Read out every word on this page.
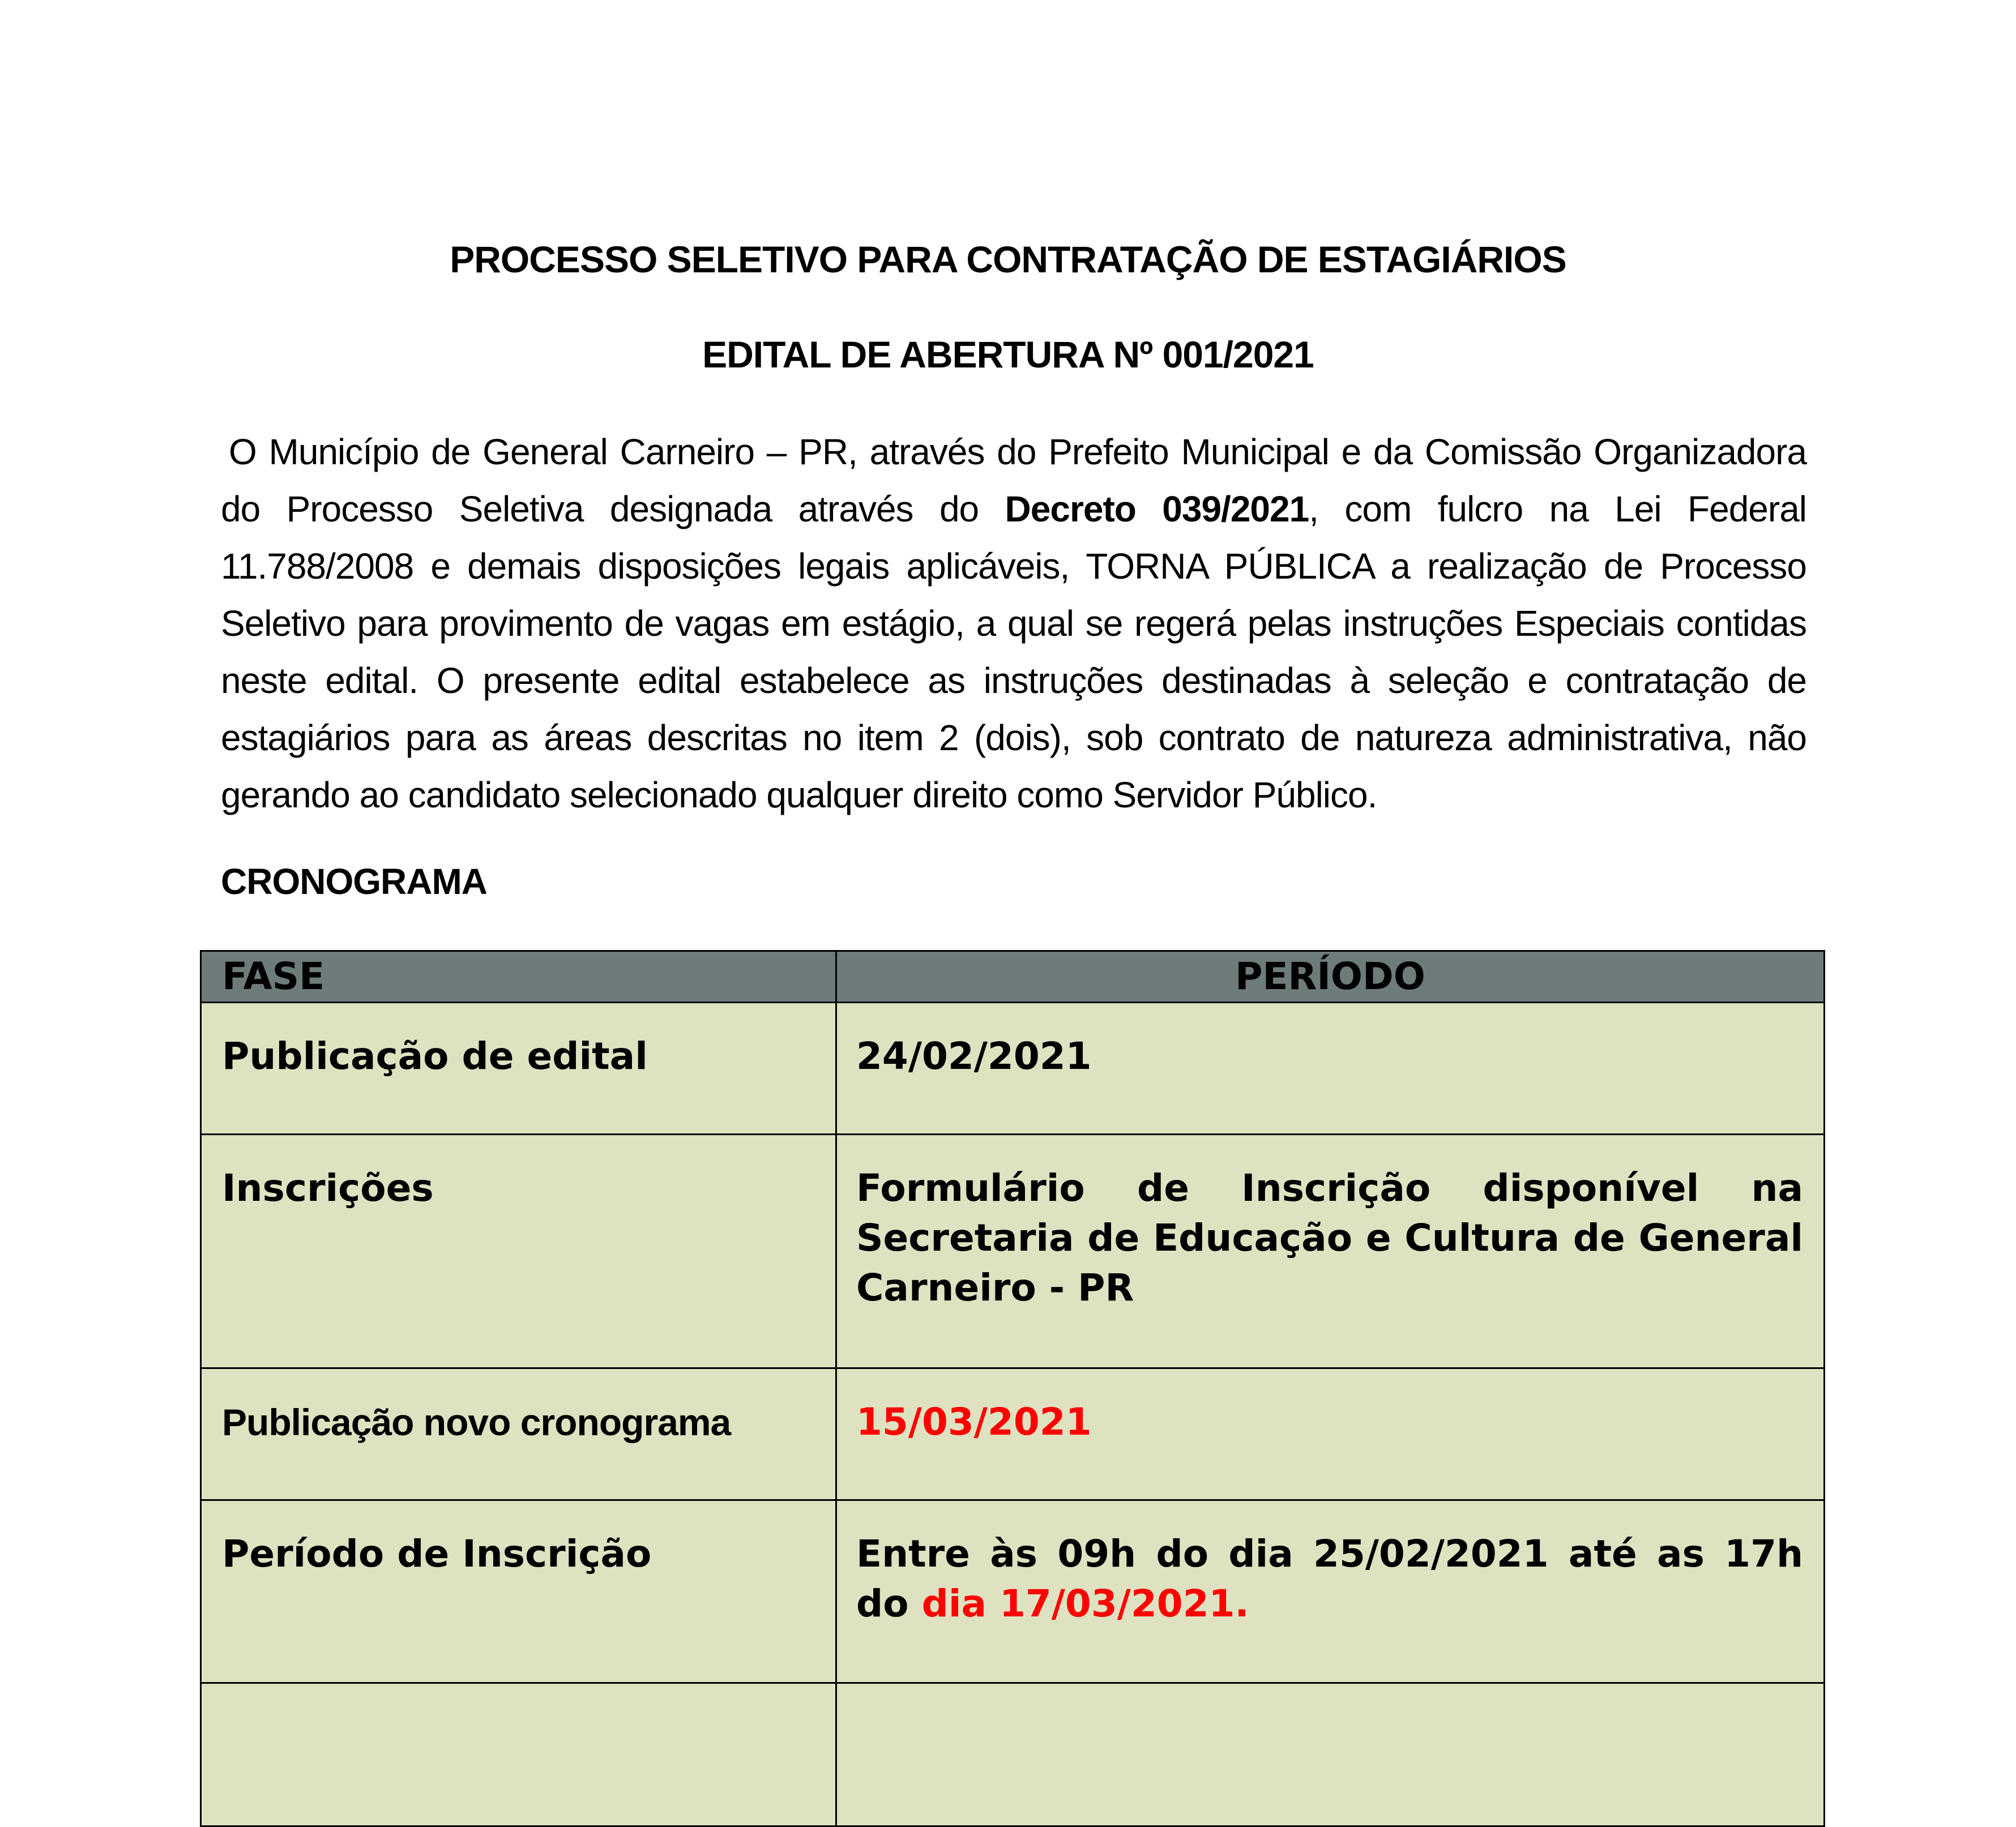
PROCESSO SELETIVO PARA CONTRATAÇÃO DE ESTAGIÁRIOS
EDITAL DE ABERTURA Nº 001/2021

O Município de General Carneiro – PR, através do Prefeito Municipal e da Comissão Organizadora do Processo Seletiva designada através do Decreto 039/2021, com fulcro na Lei Federal 11.788/2008 e demais disposições legais aplicáveis, TORNA PÚBLICA a realização de Processo Seletivo para provimento de vagas em estágio, a qual se regerá pelas instruções Especiais contidas neste edital. O presente edital estabelece as instruções destinadas à seleção e contratação de estagiários para as áreas descritas no item 2 (dois), sob contrato de natureza administrativa, não gerando ao candidato selecionado qualquer direito como Servidor Público.

CRONOGRAMA
FASE	PERÍODO
Publicação de edital	24/02/2021
Inscrições	Formulário de Inscrição disponível na Secretaria de Educação e Cultura de General Carneiro - PR
Publicação novo cronograma	15/03/2021
Período de Inscrição	Entre às 09h do dia 25/02/2021 até as 17h do dia 17/03/2021.
